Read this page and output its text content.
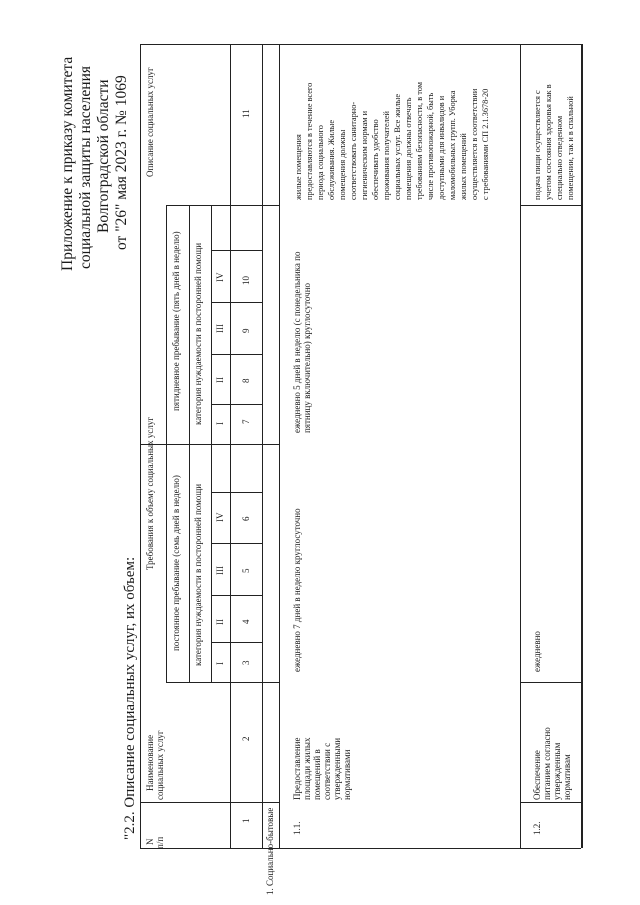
Приложение к приказу комитета социальной защиты населения Волгоградской области от "26" мая 2023 г. № 1069
"2.2. Описание социальных услуг, их объем:
N п/п
Наименование социальных услуг
Требования к объему социальных услуг постоянное пребывание (семь дней в неделю)
пятидневное пребывание (пять дней в неделю)
категория нуждаемости в посторонней помощи
категория нуждаемости в посторонней помощи
Описание социальных услуг
I
II
III
IV
I
II
III
IV
1
2
3
4
5
6
7
8
9
10
11
1. Социально-бытовые 1.1.
Предоставление площади жилых помещений в соответствии с утвержденными нормативами
ежедневно 7 дней в неделю круглосуточно
ежедневно 5 дней в неделю (с понедельника по пятницу включительно) круглосуточно
жилые помещения предоставляются в течение всего периода социального обслуживания. Жилые помещения должны соответствовать санитарно- гигиеническим нормам и обеспечивать удобство проживания получателей социальных услуг. Все жилые помещения должны отвечать требованиям безопасности, в том числе противопожарной, быть доступными для инвалидов и маломобильных групп. Уборка жилых помещений осуществляется в соответствии с требованиями СП 2.1.3678-20
1.2.
Обеспечение питанием согласно утвержденным нормативам
ежедневно
подача пищи осуществляется с учетом состояния здоровья как в специально отведенном помещении, так и в спальной
